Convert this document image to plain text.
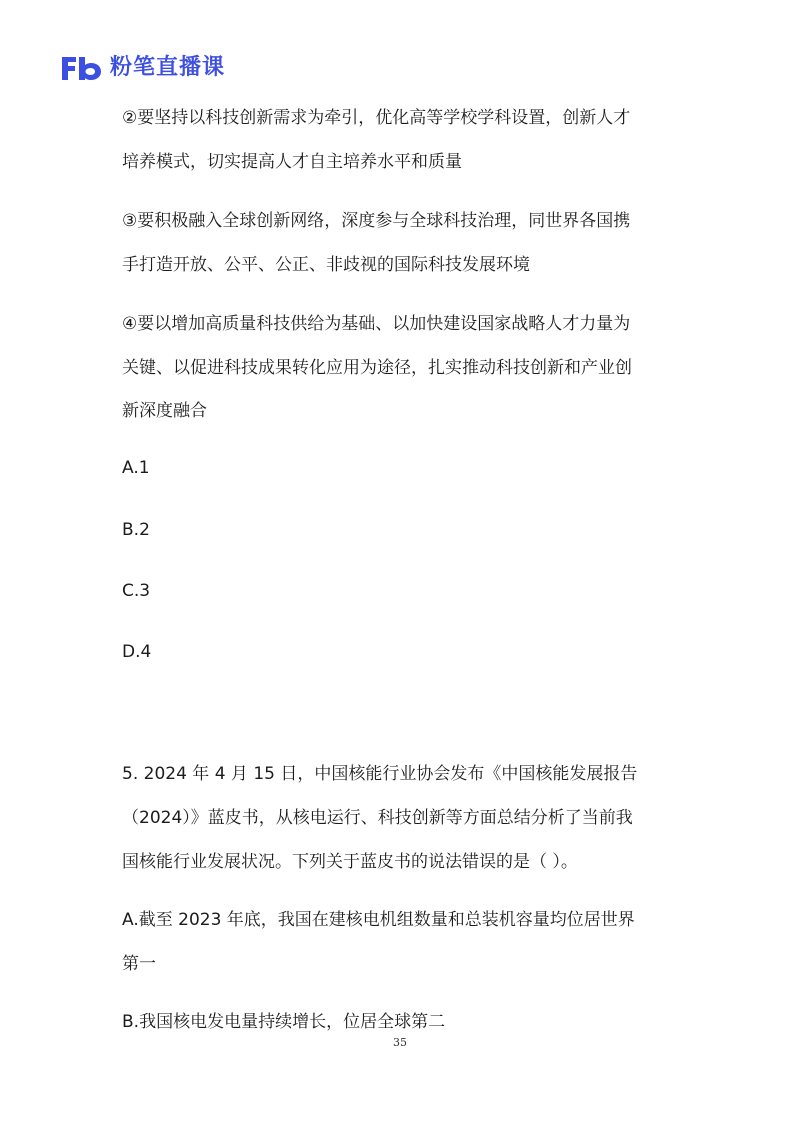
粉笔直播课
②要坚持以科技创新需求为牵引，优化高等学校学科设置，创新人才
培养模式，切实提高人才自主培养水平和质量
③要积极融入全球创新网络，深度参与全球科技治理，同世界各国携
手打造开放、公平、公正、非歧视的国际科技发展环境
④要以增加高质量科技供给为基础、以加快建设国家战略人才力量为
关键、以促进科技成果转化应用为途径，扎实推动科技创新和产业创
新深度融合
A.1
B.2
C.3
D.4
5. 2024 年 4 月 15 日，中国核能行业协会发布《中国核能发展报告
（2024）》蓝皮书，从核电运行、科技创新等方面总结分析了当前我
国核能行业发展状况。下列关于蓝皮书的说法错误的是（ ）。
A.截至 2023 年底，我国在建核电机组数量和总装机容量均位居世界
第一
B.我国核电发电量持续增长，位居全球第二
35
